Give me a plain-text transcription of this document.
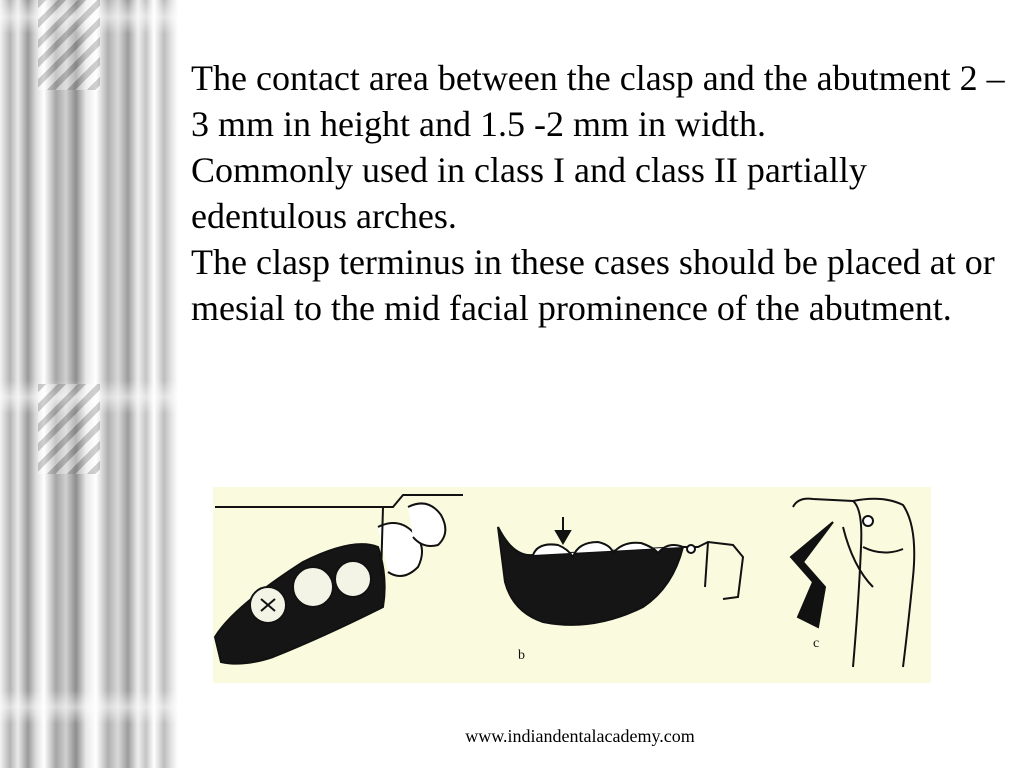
The contact area between the clasp and the abutment 2 – 3 mm in height and 1.5 -2 mm in width.

Commonly used in class I and class II partially edentulous arches.

The clasp terminus in these cases should be placed at or mesial to the mid facial prominence of the abutment.

b
c
www.indiandentalacademy.com
